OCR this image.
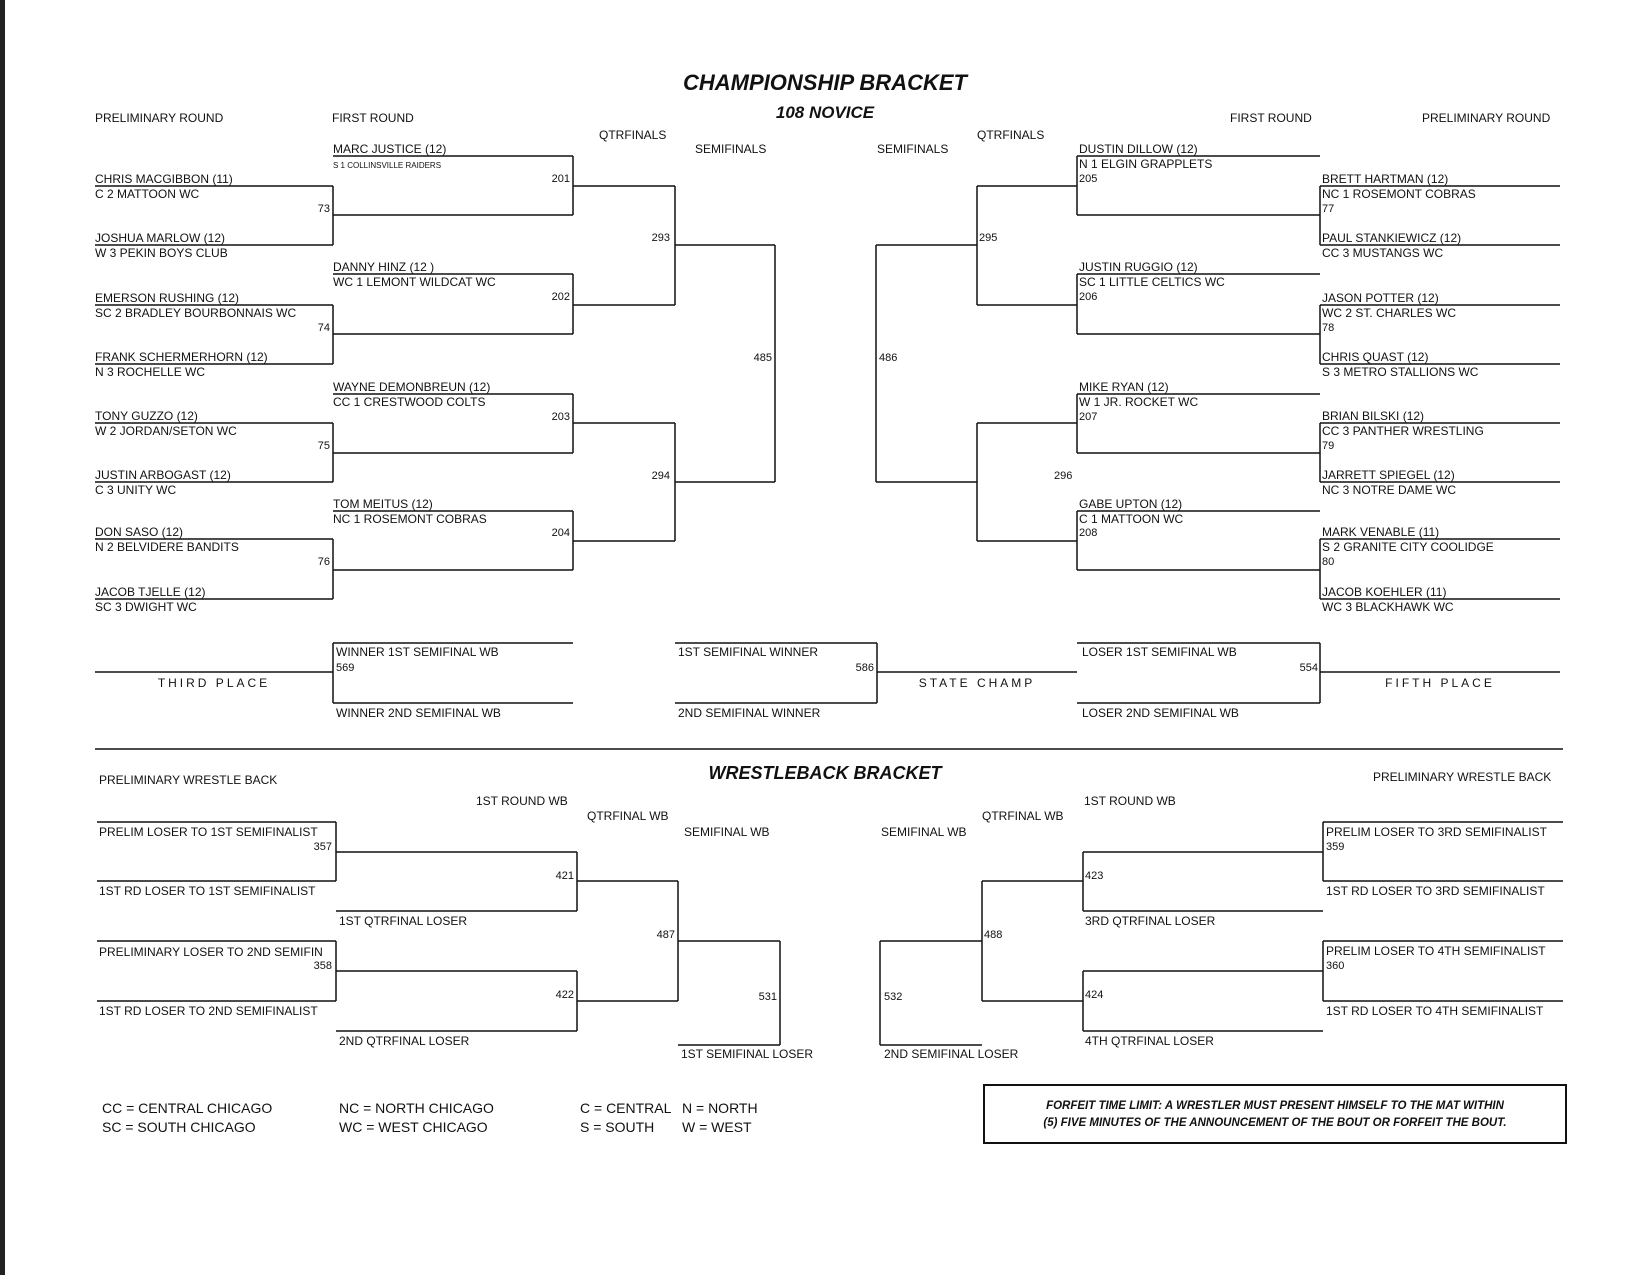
CHAMPIONSHIP BRACKET
108 NOVICE
PRELIMINARY ROUND	FIRST ROUND
QTRFINALS
SEMIFINALS	SEMIFINALS
QTRFINALS
FIRST ROUND	PRELIMINARY ROUND
MARC JUSTICE (12)
S 1 COLLINSVILLE RAIDERS
201
DANNY HINZ (12 )
WC 1 LEMONT WILDCAT WC
202
WAYNE DEMONBREUN (12)
CC 1 CRESTWOOD COLTS
203
TOM MEITUS (12)
NC 1 ROSEMONT COBRAS
204
CHRIS MACGIBBON (11)
C 2 MATTOON WC
73
JOSHUA MARLOW (12)
W 3 PEKIN BOYS CLUB
EMERSON RUSHING (12)
SC 2 BRADLEY BOURBONNAIS WC
74
FRANK SCHERMERHORN (12)
N 3 ROCHELLE WC
TONY GUZZO (12)
W 2 JORDAN/SETON WC
75
JUSTIN ARBOGAST (12)
C 3 UNITY WC
DON SASO (12)
N 2 BELVIDERE BANDITS
76
JACOB TJELLE (12)
SC 3 DWIGHT WC
293
294
485	486
295
296
DUSTIN DILLOW (12)
N 1 ELGIN GRAPPLETS
205
JUSTIN RUGGIO (12)
SC 1 LITTLE CELTICS WC
206
MIKE RYAN (12)
W 1 JR. ROCKET WC
207
GABE UPTON (12)
C 1 MATTOON WC
208
BRETT HARTMAN (12)
NC 1 ROSEMONT COBRAS
77
PAUL STANKIEWICZ (12)
CC 3 MUSTANGS WC
JASON POTTER (12)
WC 2 ST. CHARLES WC
78
CHRIS QUAST (12)
S 3 METRO STALLIONS WC
BRIAN BILSKI (12)
CC 3 PANTHER WRESTLING
79
JARRETT SPIEGEL (12)
NC 3 NOTRE DAME WC
MARK VENABLE (11)
S 2 GRANITE CITY COOLIDGE
80
JACOB KOEHLER (11)
WC 3 BLACKHAWK WC
THIRD PLACE
WINNER 1ST SEMIFINAL WB
569
WINNER 2ND SEMIFINAL WB
1ST SEMIFINAL WINNER
586
2ND SEMIFINAL WINNER
STATE CHAMP
LOSER 1ST SEMIFINAL WB
554
LOSER 2ND SEMIFINAL WB
FIFTH PLACE
WRESTLEBACK BRACKET
PRELIMINARY WRESTLE BACK
1ST ROUND WB
QTRFINAL WB
SEMIFINAL WB	SEMIFINAL WB
QTRFINAL WB
1ST ROUND WB
PRELIMINARY WRESTLE BACK
PRELIM LOSER TO 1ST SEMIFINALIST
357
1ST RD LOSER TO 1ST SEMIFINALIST
PRELIMINARY LOSER TO 2ND SEMIFIN
358
1ST RD LOSER TO 2ND SEMIFINALIST
421
1ST QTRFINAL LOSER
422
2ND QTRFINAL LOSER
487
531
1ST SEMIFINAL LOSER
532
2ND SEMIFINAL LOSER
488
423
3RD QTRFINAL LOSER
424
4TH QTRFINAL LOSER
PRELIM LOSER TO 3RD SEMIFINALIST
359
1ST RD LOSER TO 3RD SEMIFINALIST
PRELIM LOSER TO 4TH SEMIFINALIST
360
1ST RD LOSER TO 4TH SEMIFINALIST
CC = CENTRAL CHICAGO
SC = SOUTH CHICAGO
NC = NORTH CHICAGO
WC = WEST CHICAGO
C = CENTRAL N = NORTH
S = SOUTH W = WEST
FORFEIT TIME LIMIT: A WRESTLER MUST PRESENT HIMSELF TO THE MAT WITHIN
(5) FIVE MINUTES OF THE ANNOUNCEMENT OF THE BOUT OR FORFEIT THE BOUT.
